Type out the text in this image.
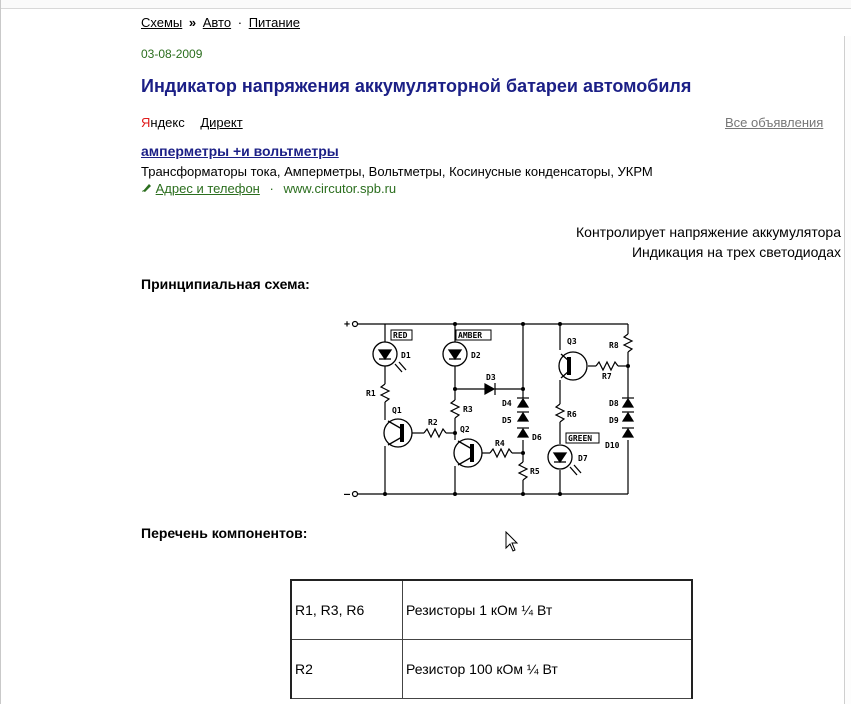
Схемы » Авто · Питание
03-08-2009
Индикатор напряжения аккумуляторной батареи автомобиля
Яндекс Директ	Все объявления
амперметры +и вольтметры
Трансформаторы тока, Амперметры, Вольтметры, Косинусные конденсаторы, УКРМ
Адрес и телефон · www.circutor.spb.ru
Контролирует напряжение аккумулятора
Индикация на трех светодиодах
Принципиальная схема:
+
–
RED	AMBER
GREEN
D1	D2
D3
D4
D5
D6
D7
D8
D9
D10
Q1
Q2
Q3
R1
R2
R3
R4
R5
R6
R7
R8
Перечень компонентов:
R1, R3, R6	Резисторы 1 кОм ¼ Вт
R2	Резистор 100 кОм ¼ Вт
